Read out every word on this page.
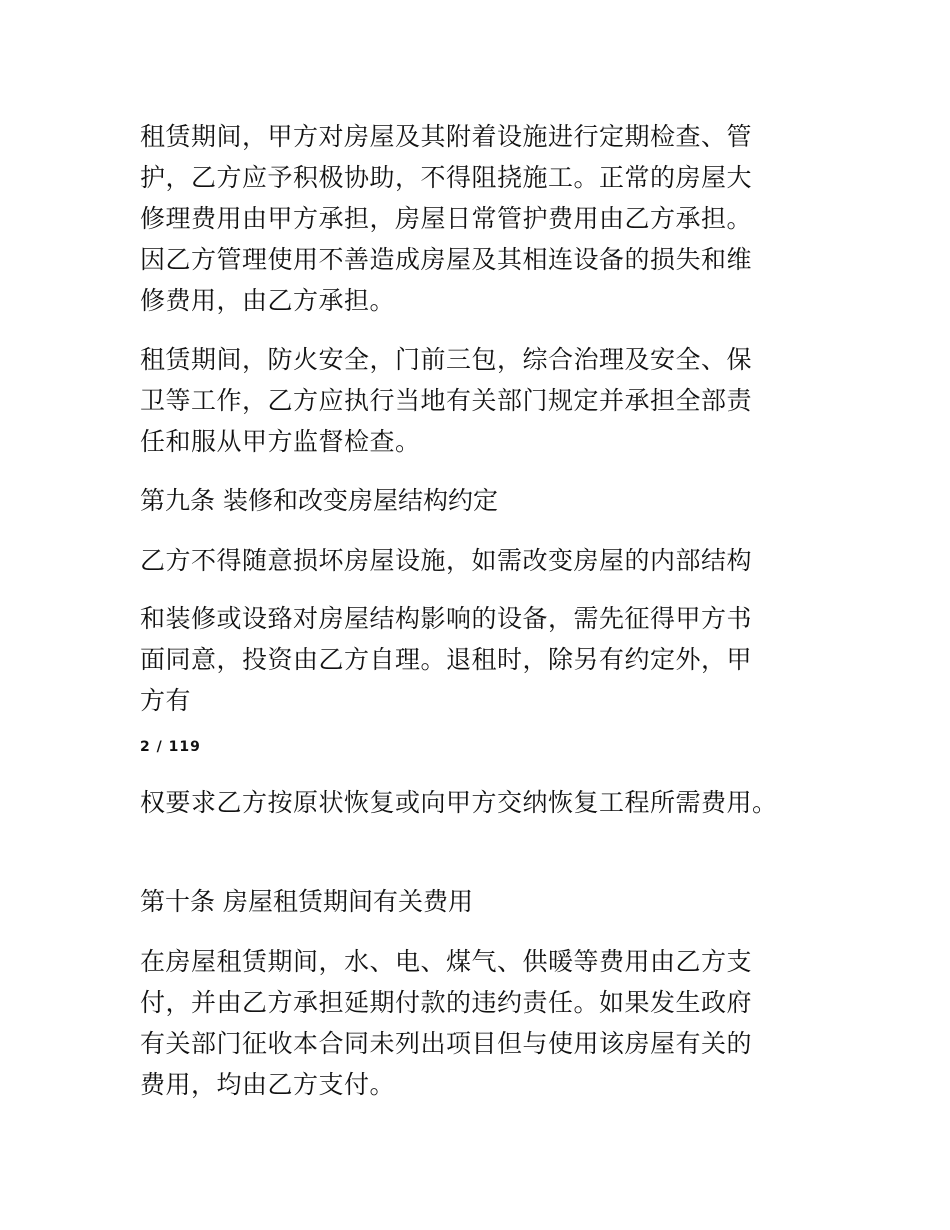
租赁期间，甲方对房屋及其附着设施进行定期检查、管
护，乙方应予积极协助，不得阻挠施工。正常的房屋大
修理费用由甲方承担，房屋日常管护费用由乙方承担。
因乙方管理使用不善造成房屋及其相连设备的损失和维
修费用，由乙方承担。

租赁期间，防火安全，门前三包，综合治理及安全、保
卫等工作，乙方应执行当地有关部门规定并承担全部责
任和服从甲方监督检查。

第九条 装修和改变房屋结构约定

乙方不得随意损坏房屋设施，如需改变房屋的内部结构

和装修或设臵对房屋结构影响的设备，需先征得甲方书
面同意，投资由乙方自理。退租时，除另有约定外，甲
方有

2 / 119

权要求乙方按原状恢复或向甲方交纳恢复工程所需费用。

第十条 房屋租赁期间有关费用

在房屋租赁期间，水、电、煤气、供暖等费用由乙方支
付，并由乙方承担延期付款的违约责任。如果发生政府
有关部门征收本合同未列出项目但与使用该房屋有关的
费用，均由乙方支付。
